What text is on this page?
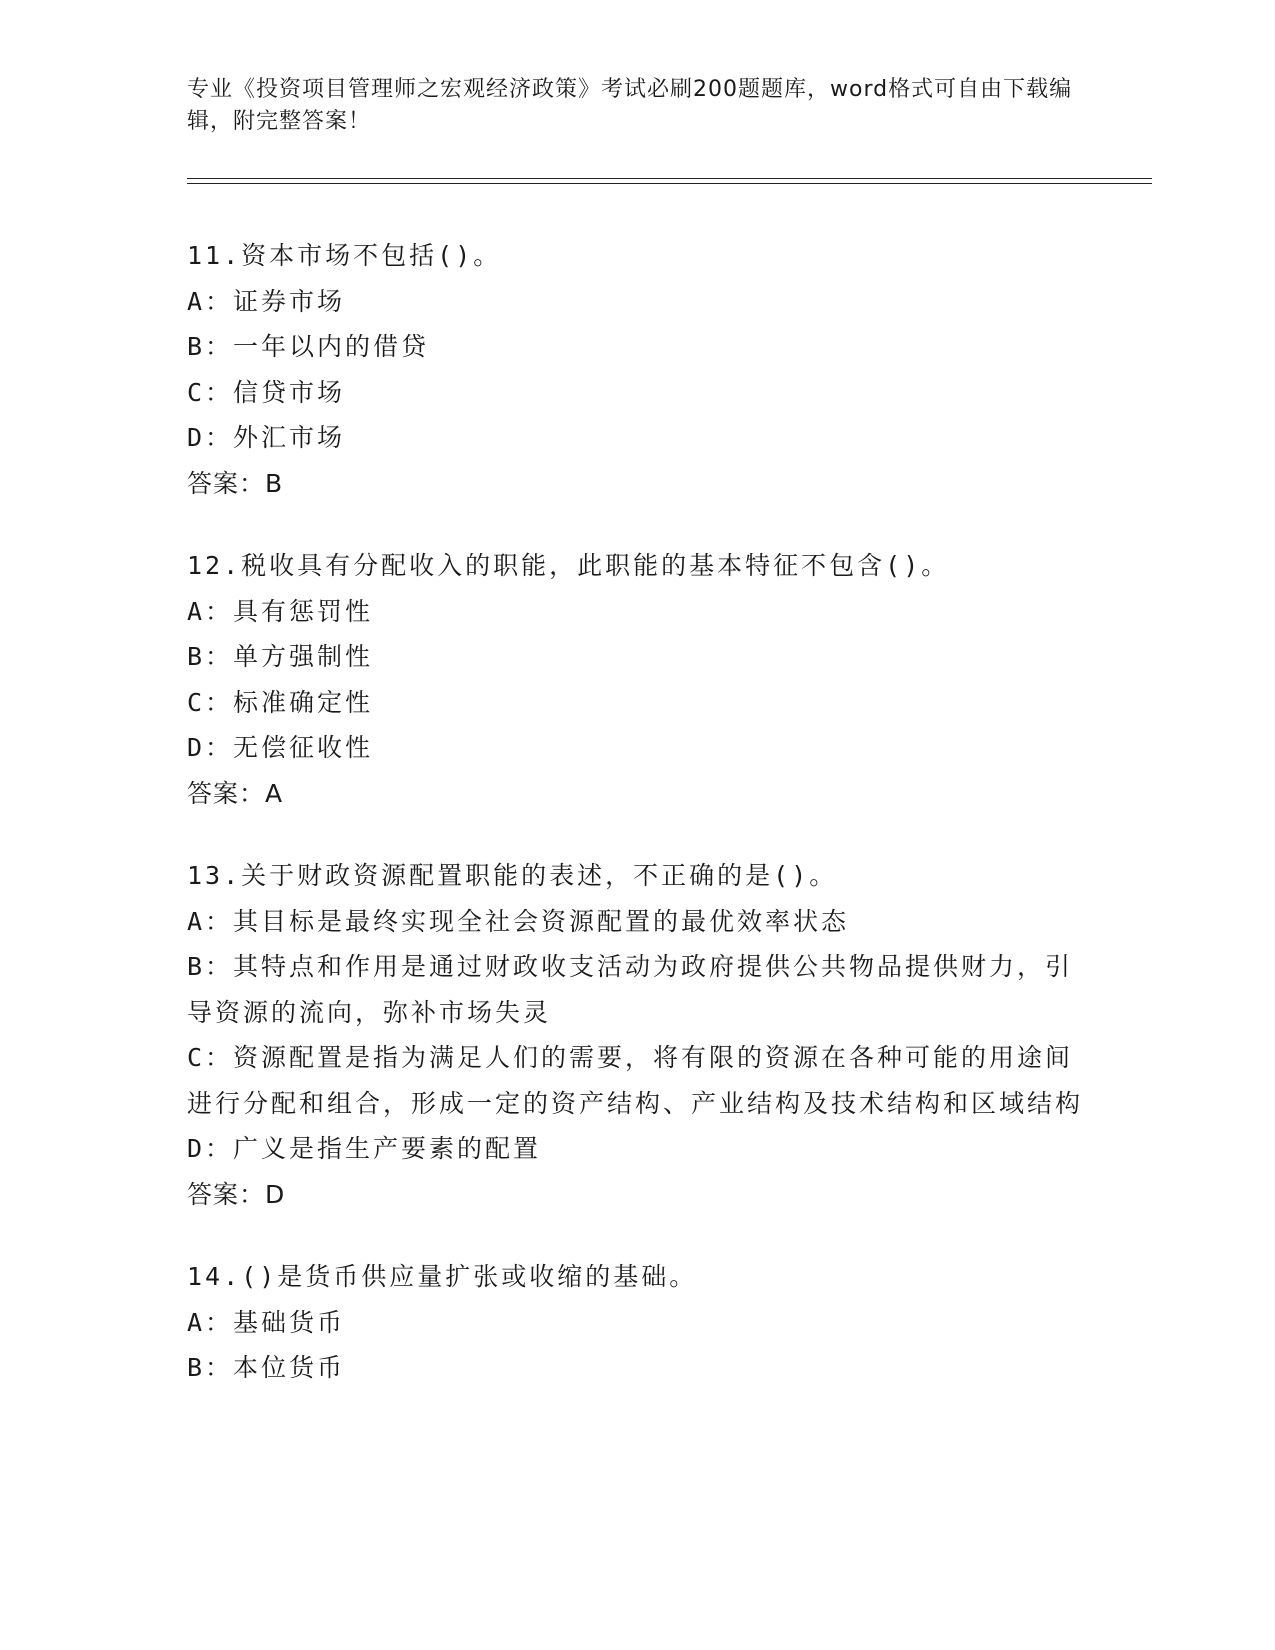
专业《投资项目管理师之宏观经济政策》考试必刷200题题库，word格式可自由下载编辑，附完整答案！
11.资本市场不包括()。
A：证券市场
B：一年以内的借贷
C：信贷市场
D：外汇市场
答案：B
12.税收具有分配收入的职能，此职能的基本特征不包含()。
A：具有惩罚性
B：单方强制性
C：标准确定性
D：无偿征收性
答案：A
13.关于财政资源配置职能的表述，不正确的是()。
A：其目标是最终实现全社会资源配置的最优效率状态
B：其特点和作用是通过财政收支活动为政府提供公共物品提供财力，引导资源的流向，弥补市场失灵
C：资源配置是指为满足人们的需要，将有限的资源在各种可能的用途间进行分配和组合，形成一定的资产结构、产业结构及技术结构和区域结构
D：广义是指生产要素的配置
答案：D
14.()是货币供应量扩张或收缩的基础。
A：基础货币
B：本位货币
